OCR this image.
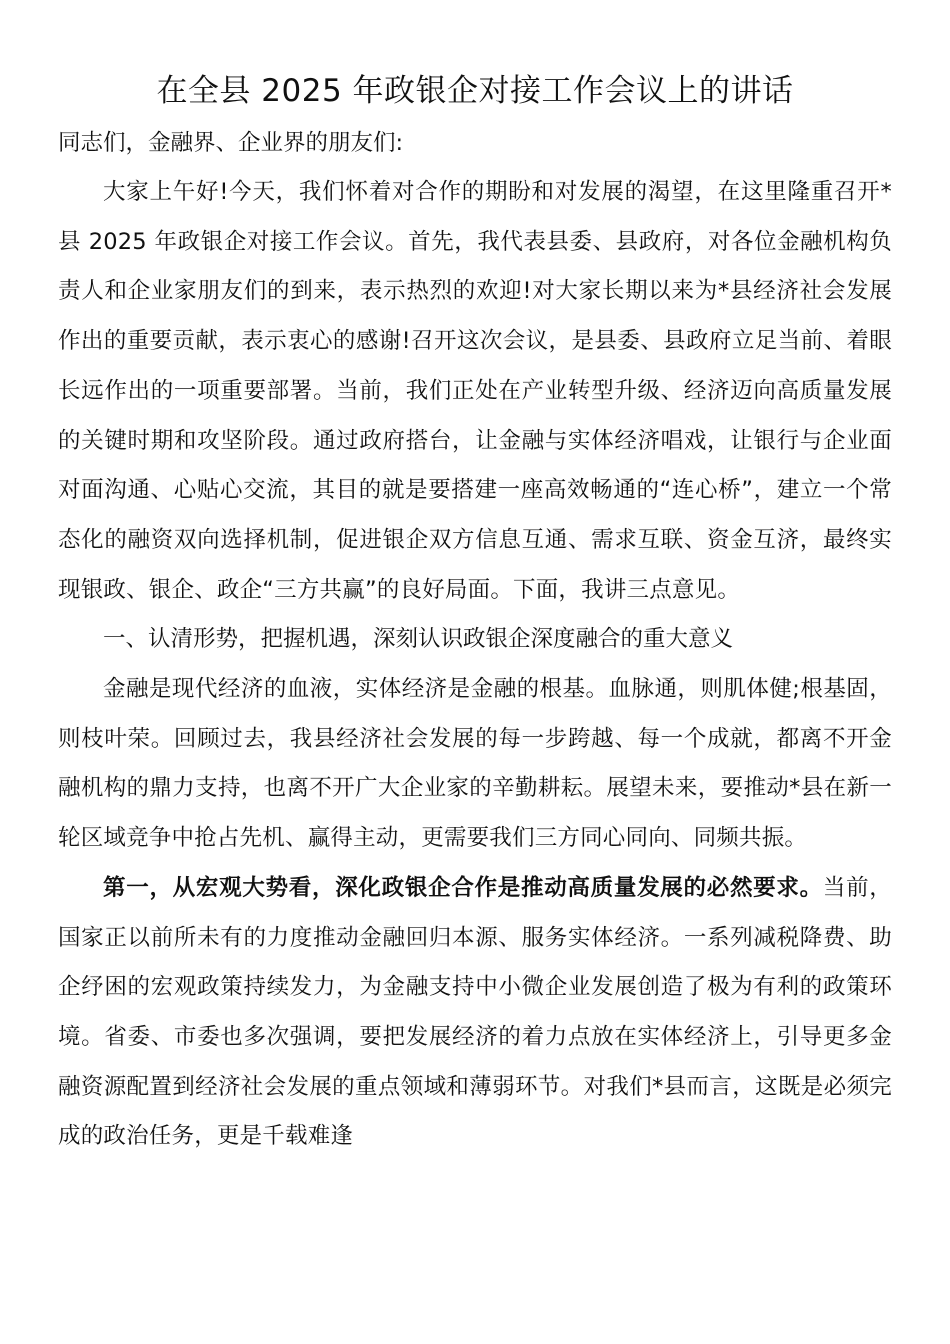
在全县 2025 年政银企对接工作会议上的讲话

同志们，金融界、企业界的朋友们:

大家上午好!今天，我们怀着对合作的期盼和对发展的渴望，在这里隆重召开*县 2025 年政银企对接工作会议。首先，我代表县委、县政府，对各位金融机构负责人和企业家朋友们的到来，表示热烈的欢迎!对大家长期以来为*县经济社会发展作出的重要贡献，表示衷心的感谢!召开这次会议，是县委、县政府立足当前、着眼长远作出的一项重要部署。当前，我们正处在产业转型升级、经济迈向高质量发展的关键时期和攻坚阶段。通过政府搭台，让金融与实体经济唱戏，让银行与企业面对面沟通、心贴心交流，其目的就是要搭建一座高效畅通的“连心桥”，建立一个常态化的融资双向选择机制，促进银企双方信息互通、需求互联、资金互济，最终实现银政、银企、政企“三方共赢”的良好局面。下面，我讲三点意见。

一、认清形势，把握机遇，深刻认识政银企深度融合的重大意义

金融是现代经济的血液，实体经济是金融的根基。血脉通，则肌体健;根基固，则枝叶荣。回顾过去，我县经济社会发展的每一步跨越、每一个成就，都离不开金融机构的鼎力支持，也离不开广大企业家的辛勤耕耘。展望未来，要推动*县在新一轮区域竞争中抢占先机、赢得主动，更需要我们三方同心同向、同频共振。

第一，从宏观大势看，深化政银企合作是推动高质量发展的必然要求。当前，国家正以前所未有的力度推动金融回归本源、服务实体经济。一系列减税降费、助企纾困的宏观政策持续发力，为金融支持中小微企业发展创造了极为有利的政策环境。省委、市委也多次强调，要把发展经济的着力点放在实体经济上，引导更多金融资源配置到经济社会发展的重点领域和薄弱环节。对我们*县而言，这既是必须完成的政治任务，更是千载难逢
